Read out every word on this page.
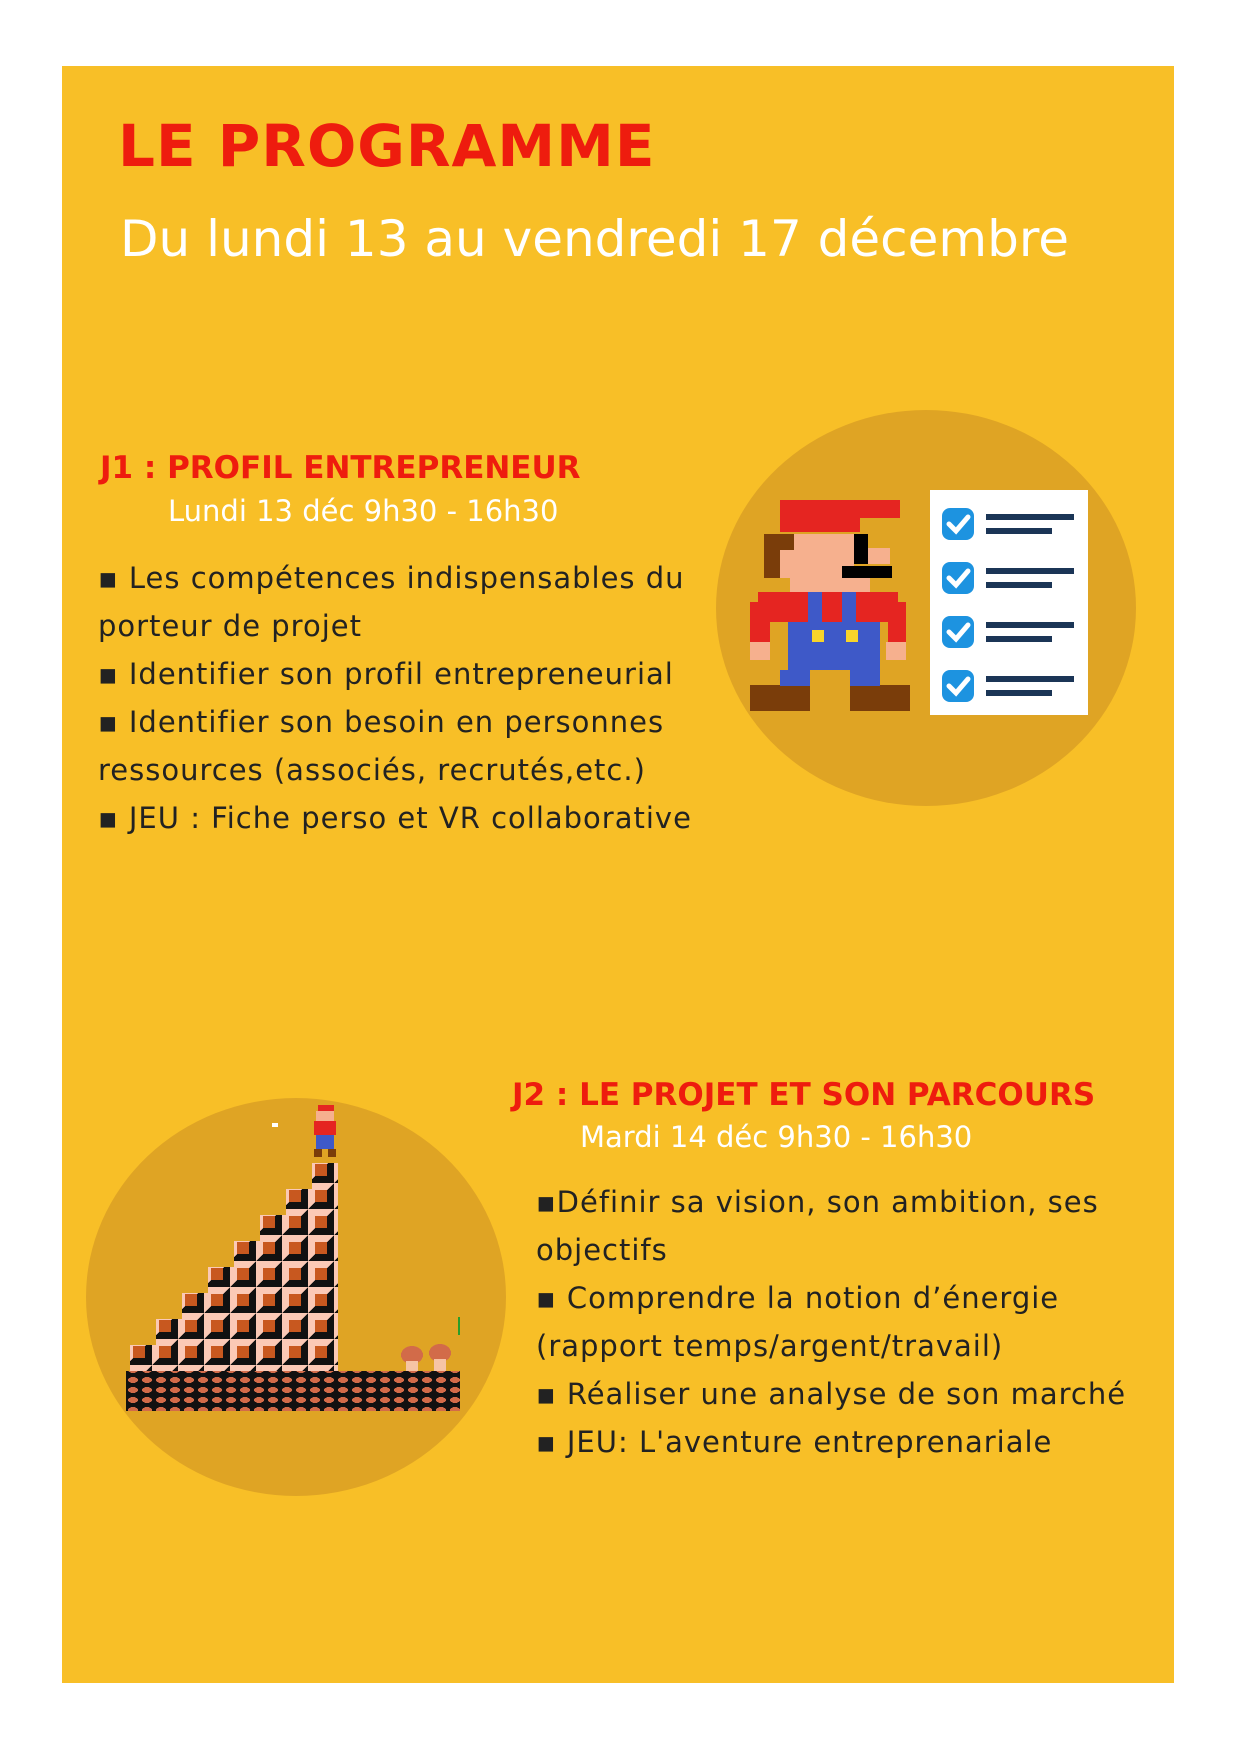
LE PROGRAMME
Du lundi 13 au vendredi 17 décembre
J1 : PROFIL ENTREPRENEUR
Lundi 13 déc 9h30 - 16h30
▪ Les compétences indispensables du
porteur de projet
▪ Identifier son profil entrepreneurial
▪ Identifier son besoin en personnes
ressources (associés, recrutés,etc.)
▪ JEU : Fiche perso et VR collaborative
J2 : LE PROJET ET SON PARCOURS
Mardi 14 déc 9h30 - 16h30
▪Définir sa vision, son ambition, ses
objectifs
▪ Comprendre la notion d’énergie
(rapport temps/argent/travail)
▪ Réaliser une analyse de son marché
▪ JEU: L'aventure entreprenariale
